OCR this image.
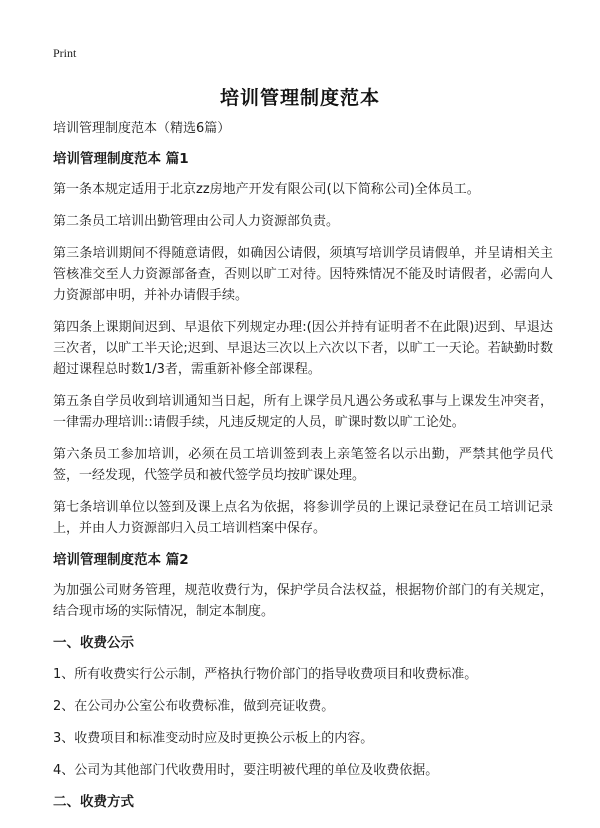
Print
培训管理制度范本
培训管理制度范本（精选6篇）
培训管理制度范本 篇1
第一条本规定适用于北京zz房地产开发有限公司(以下简称公司)全体员工。
第二条员工培训出勤管理由公司人力资源部负责。
第三条培训期间不得随意请假，如确因公请假，须填写培训学员请假单，并呈请相关主管核准交至人力资源部备查，否则以旷工对待。因特殊情况不能及时请假者，必需向人力资源部申明，并补办请假手续。
第四条上课期间迟到、早退依下列规定办理:(因公并持有证明者不在此限)迟到、早退达三次者，以旷工半天论;迟到、早退达三次以上六次以下者，以旷工一天论。若缺勤时数超过课程总时数1/3者，需重新补修全部课程。
第五条自学员收到培训通知当日起，所有上课学员凡遇公务或私事与上课发生冲突者，一律需办理培训::请假手续，凡违反规定的人员，旷课时数以旷工论处。
第六条员工参加培训，必须在员工培训签到表上亲笔签名以示出勤，严禁其他学员代签，一经发现，代签学员和被代签学员均按旷课处理。
第七条培训单位以签到及课上点名为依据，将参训学员的上课记录登记在员工培训记录上，并由人力资源部归入员工培训档案中保存。
培训管理制度范本 篇2
为加强公司财务管理，规范收费行为，保护学员合法权益，根据物价部门的有关规定，结合现市场的实际情况，制定本制度。
一、收费公示
1、所有收费实行公示制，严格执行物价部门的指导收费项目和收费标准。
2、在公司办公室公布收费标准，做到亮证收费。
3、收费项目和标准变动时应及时更换公示板上的内容。
4、公司为其他部门代收费用时，要注明被代理的单位及收费依据。
二、收费方式
